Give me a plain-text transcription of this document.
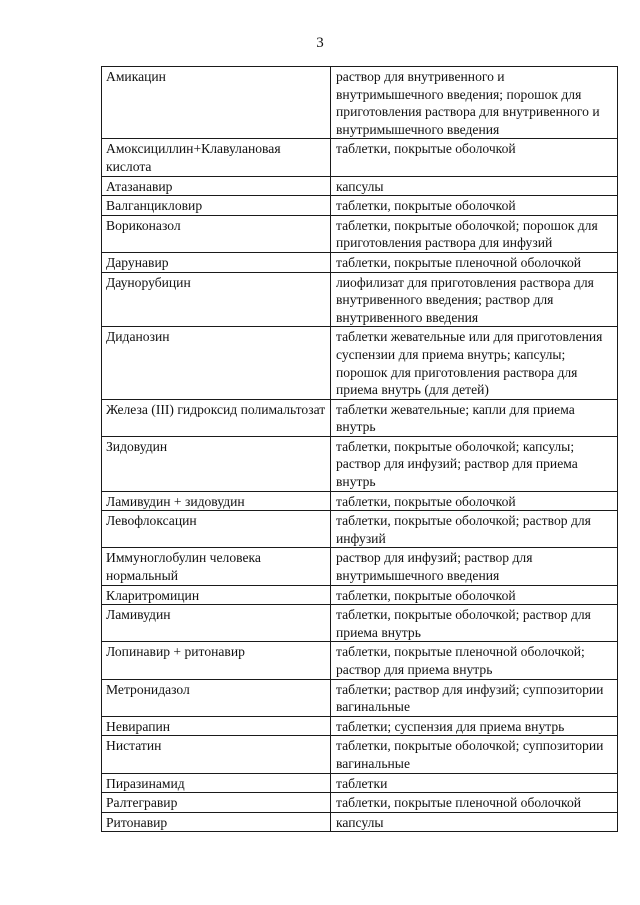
3
Амикацин	раствор для внутривенного и внутримышечного введения; порошок для приготовления раствора для внутривенного и внутримышечного введения
Амоксициллин+Клавулановая кислота	таблетки, покрытые оболочкой
Атазанавир	капсулы
Валганцикловир	таблетки, покрытые оболочкой
Вориконазол	таблетки, покрытые оболочкой; порошок для приготовления раствора для инфузий
Дарунавир	таблетки, покрытые пленочной оболочкой
Даунорубицин	лиофилизат для приготовления раствора для внутривенного введения; раствор для внутривенного введения
Диданозин	таблетки жевательные или для приготовления суспензии для приема внутрь; капсулы; порошок для приготовления раствора для приема внутрь (для детей)
Железа (III) гидроксид полимальтозат	таблетки жевательные; капли для приема внутрь
Зидовудин	таблетки, покрытые оболочкой; капсулы; раствор для инфузий; раствор для приема внутрь
Ламивудин + зидовудин	таблетки, покрытые оболочкой
Левофлоксацин	таблетки, покрытые оболочкой; раствор для инфузий
Иммуноглобулин человека нормальный	раствор для инфузий; раствор для внутримышечного введения
Кларитромицин	таблетки, покрытые оболочкой
Ламивудин	таблетки, покрытые оболочкой; раствор для приема внутрь
Лопинавир + ритонавир	таблетки, покрытые пленочной оболочкой; раствор для приема внутрь
Метронидазол	таблетки; раствор для инфузий; суппозитории вагинальные
Невирапин	таблетки; суспензия для приема внутрь
Нистатин	таблетки, покрытые оболочкой; суппозитории вагинальные
Пиразинамид	таблетки
Ралтегравир	таблетки, покрытые пленочной оболочкой
Ритонавир	капсулы
